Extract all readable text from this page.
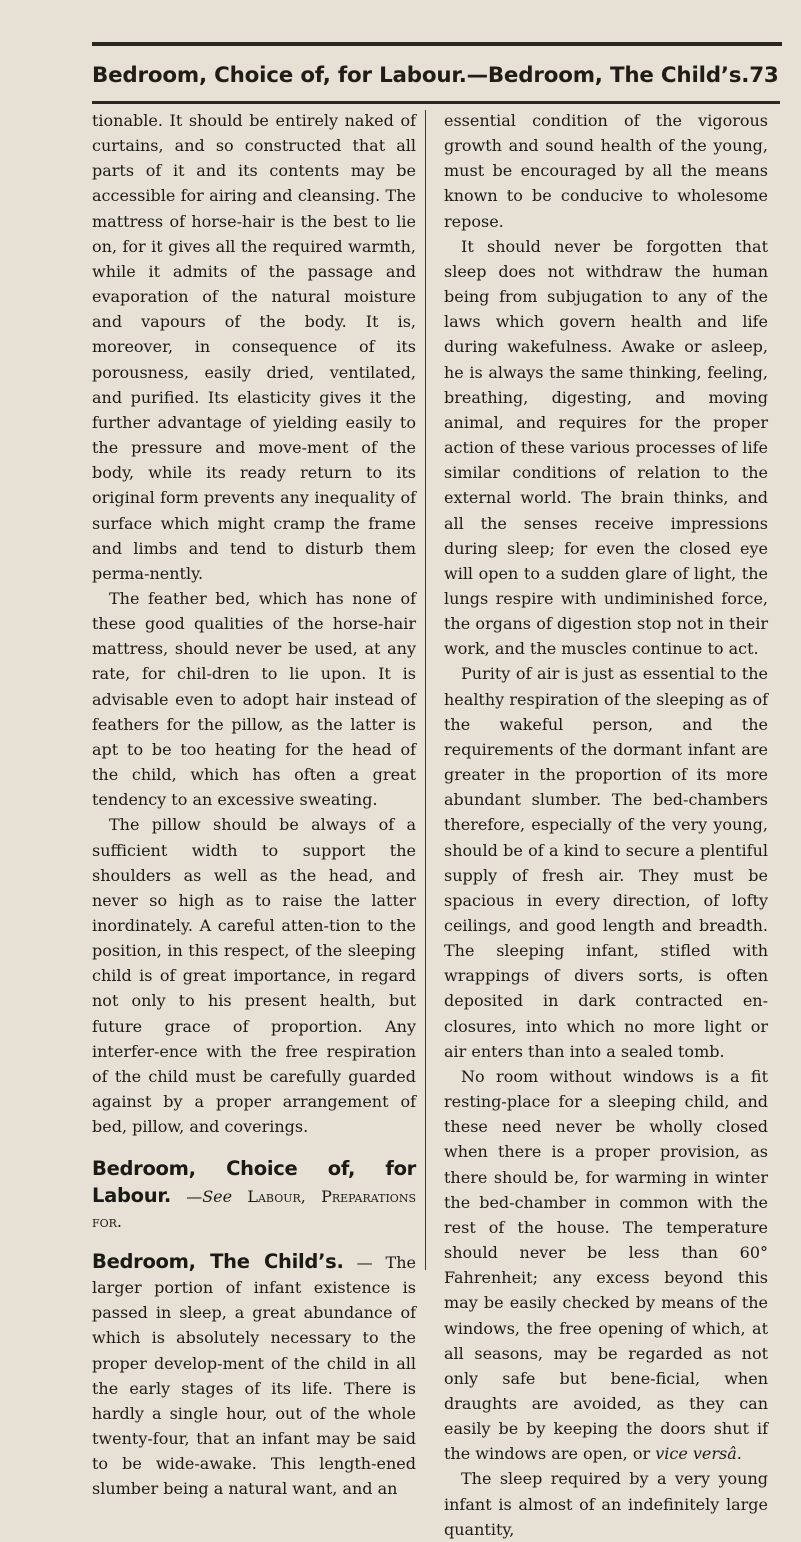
Bedroom, Choice of, for Labour.—Bedroom, The Child’s. 73

tionable. It should be entirely naked of curtains, and so constructed that all parts of it and its contents may be accessible for airing and cleansing. The mattress of horse-hair is the best to lie on, for it gives all the required warmth, while it admits of the passage and evaporation of the natural moisture and vapours of the body. It is, moreover, in consequence of its porousness, easily dried, ventilated, and purified. Its elasticity gives it the further advantage of yielding easily to the pressure and move-ment of the body, while its ready return to its original form prevents any inequality of surface which might cramp the frame and limbs and tend to disturb them perma-nently.

The feather bed, which has none of these good qualities of the horse-hair mattress, should never be used, at any rate, for chil-dren to lie upon. It is advisable even to adopt hair instead of feathers for the pillow, as the latter is apt to be too heating for the head of the child, which has often a great tendency to an excessive sweating.

The pillow should be always of a sufficient width to support the shoulders as well as the head, and never so high as to raise the latter inordinately. A careful atten-tion to the position, in this respect, of the sleeping child is of great importance, in regard not only to his present health, but future grace of proportion. Any interfer-ence with the free respiration of the child must be carefully guarded against by a proper arrangement of bed, pillow, and coverings.

Bedroom, Choice of, for Labour. —See Labour, Preparations for.

Bedroom, The Child’s. — The larger portion of infant existence is passed in sleep, a great abundance of which is absolutely necessary to the proper develop-ment of the child in all the early stages of its life. There is hardly a single hour, out of the whole twenty-four, that an infant may be said to be wide-awake. This length-ened slumber being a natural want, and an

essential condition of the vigorous growth and sound health of the young, must be encouraged by all the means known to be conducive to wholesome repose.

It should never be forgotten that sleep does not withdraw the human being from subjugation to any of the laws which govern health and life during wakefulness. Awake or asleep, he is always the same thinking, feeling, breathing, digesting, and moving animal, and requires for the proper action of these various processes of life similar conditions of relation to the external world. The brain thinks, and all the senses receive impressions during sleep; for even the closed eye will open to a sudden glare of light, the lungs respire with undiminished force, the organs of digestion stop not in their work, and the muscles continue to act.

Purity of air is just as essential to the healthy respiration of the sleeping as of the wakeful person, and the requirements of the dormant infant are greater in the proportion of its more abundant slumber. The bed-chambers therefore, especially of the very young, should be of a kind to secure a plentiful supply of fresh air. They must be spacious in every direction, of lofty ceilings, and good length and breadth. The sleeping infant, stifled with wrappings of divers sorts, is often deposited in dark contracted en-closures, into which no more light or air enters than into a sealed tomb.

No room without windows is a fit resting-place for a sleeping child, and these need never be wholly closed when there is a proper provision, as there should be, for warming in winter the bed-chamber in common with the rest of the house. The temperature should never be less than 60° Fahrenheit; any excess beyond this may be easily checked by means of the windows, the free opening of which, at all seasons, may be regarded as not only safe but bene-ficial, when draughts are avoided, as they can easily be by keeping the doors shut if the windows are open, or vice versâ.

The sleep required by a very young infant is almost of an indefinitely large quantity,
